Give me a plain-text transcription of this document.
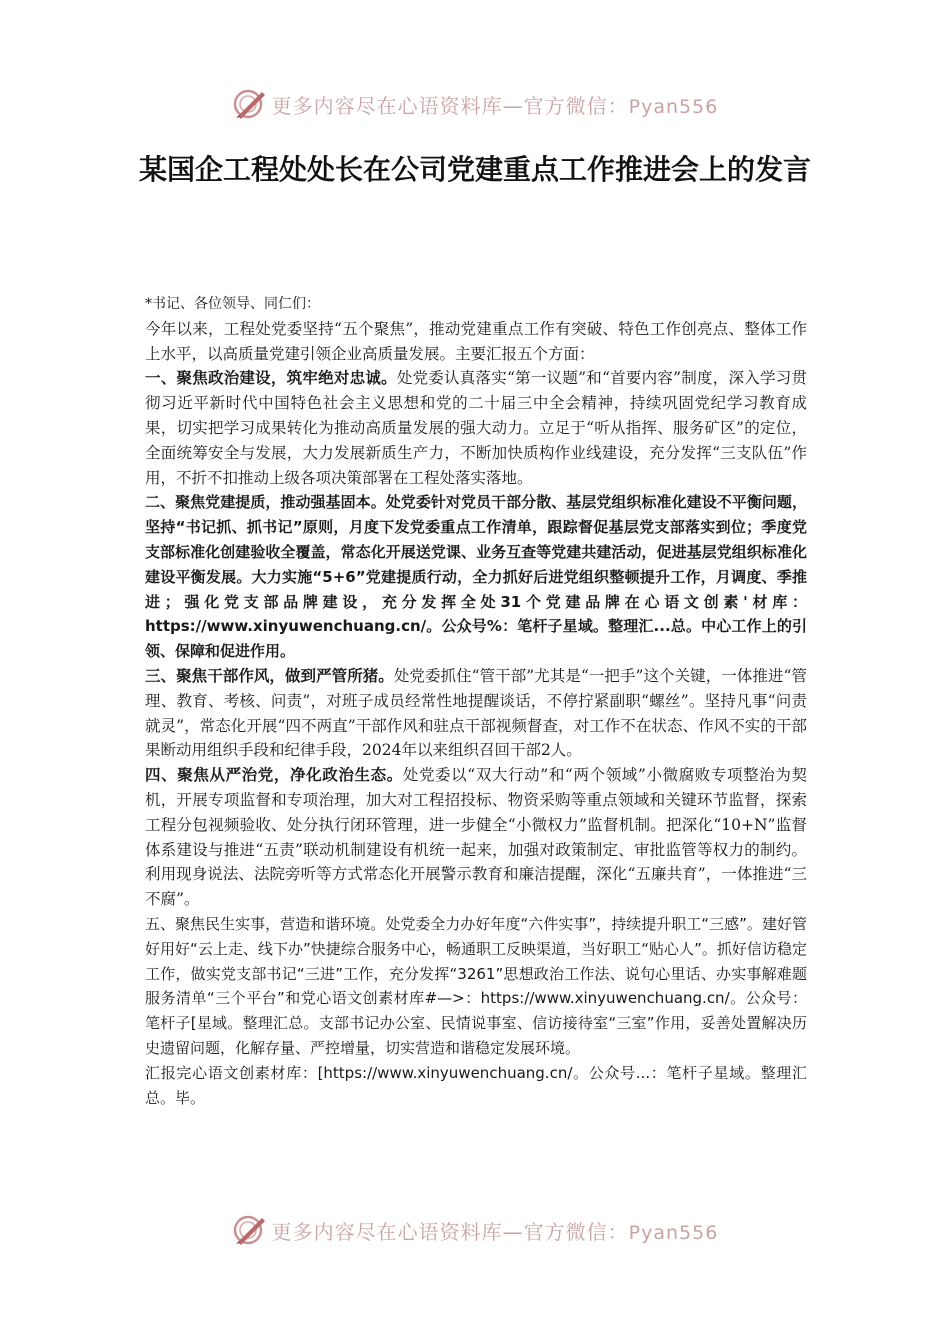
更多内容尽在心语资料库—官方微信：Pyan556
某国企工程处处长在公司党建重点工作推进会上的发言

*书记、各位领导、同仁们：

今年以来，工程处党委坚持“五个聚焦”，推动党建重点工作有突破、特色工作创亮点、整体工作上水平，以高质量党建引领企业高质量发展。主要汇报五个方面：

一、聚焦政治建设，筑牢绝对忠诚。处党委认真落实“第一议题”和“首要内容”制度，深入学习贯彻习近平新时代中国特色社会主义思想和党的二十届三中全会精神，持续巩固党纪学习教育成果，切实把学习成果转化为推动高质量发展的强大动力。立足于“听从指挥、服务矿区”的定位，全面统筹安全与发展，大力发展新质生产力，不断加快质构作业线建设，充分发挥“三支队伍”作用，不折不扣推动上级各项决策部署在工程处落实落地。

二、聚焦党建提质，推动强基固本。处党委针对党员干部分散、基层党组织标准化建设不平衡问题，坚持“书记抓、抓书记”原则，月度下发党委重点工作清单，跟踪督促基层党支部落实到位；季度党支部标准化创建验收全覆盖，常态化开展送党课、业务互查等党建共建活动，促进基层党组织标准化建设平衡发展。大力实施“5+6”党建提质行动，全力抓好后进党组织整顿提升工作，月调度、季推进；强化党支部品牌建设，充分发挥全处31个党建品牌在心语文创素'材库：https://www.xinyuwenchuang.cn/。公众号%：笔杆子星域。整理汇...总。中心工作上的引领、保障和促进作用。

三、聚焦干部作风，做到严管所猪。处党委抓住“管干部”尤其是“一把手”这个关键，一体推进“管理、教育、考核、问责”，对班子成员经常性地提醒谈话，不停拧紧副职“螺丝”。坚持凡事“问责就灵”，常态化开展“四不两直”干部作风和驻点干部视频督查，对工作不在状态、作风不实的干部果断动用组织手段和纪律手段，2024年以来组织召回干部2人。

四、聚焦从严治党，净化政治生态。处党委以“双大行动”和“两个领域”小微腐败专项整治为契机，开展专项监督和专项治理，加大对工程招投标、物资采购等重点领域和关键环节监督，探索工程分包视频验收、处分执行闭环管理，进一步健全“小微权力”监督机制。把深化“10+N”监督体系建设与推进“五责”联动机制建设有机统一起来，加强对政策制定、审批监管等权力的制约。利用现身说法、法院旁听等方式常态化开展警示教育和廉洁提醒，深化“五廉共育”，一体推进“三不腐”。

五、聚焦民生实事，营造和谐环境。处党委全力办好年度“六件实事”，持续提升职工“三感”。建好管好用好“云上走、线下办”快捷综合服务中心，畅通职工反映渠道，当好职工“贴心人”。抓好信访稳定工作，做实党支部书记“三进”工作，充分发挥“3261”思想政治工作法、说句心里话、办实事解难题服务清单“三个平台”和党心语文创素材库#—>：https://www.xinyuwenchuang.cn/。公众号：笔杆子[星域。整理汇总。支部书记办公室、民情说事室、信访接待室“三室”作用，妥善处置解决历史遗留问题，化解存量、严控增量，切实营造和谐稳定发展环境。

汇报完心语文创素材库：[https://www.xinyuwenchuang.cn/。公众号...：笔杆子星域。整理汇总。毕。

更多内容尽在心语资料库—官方微信：Pyan556
